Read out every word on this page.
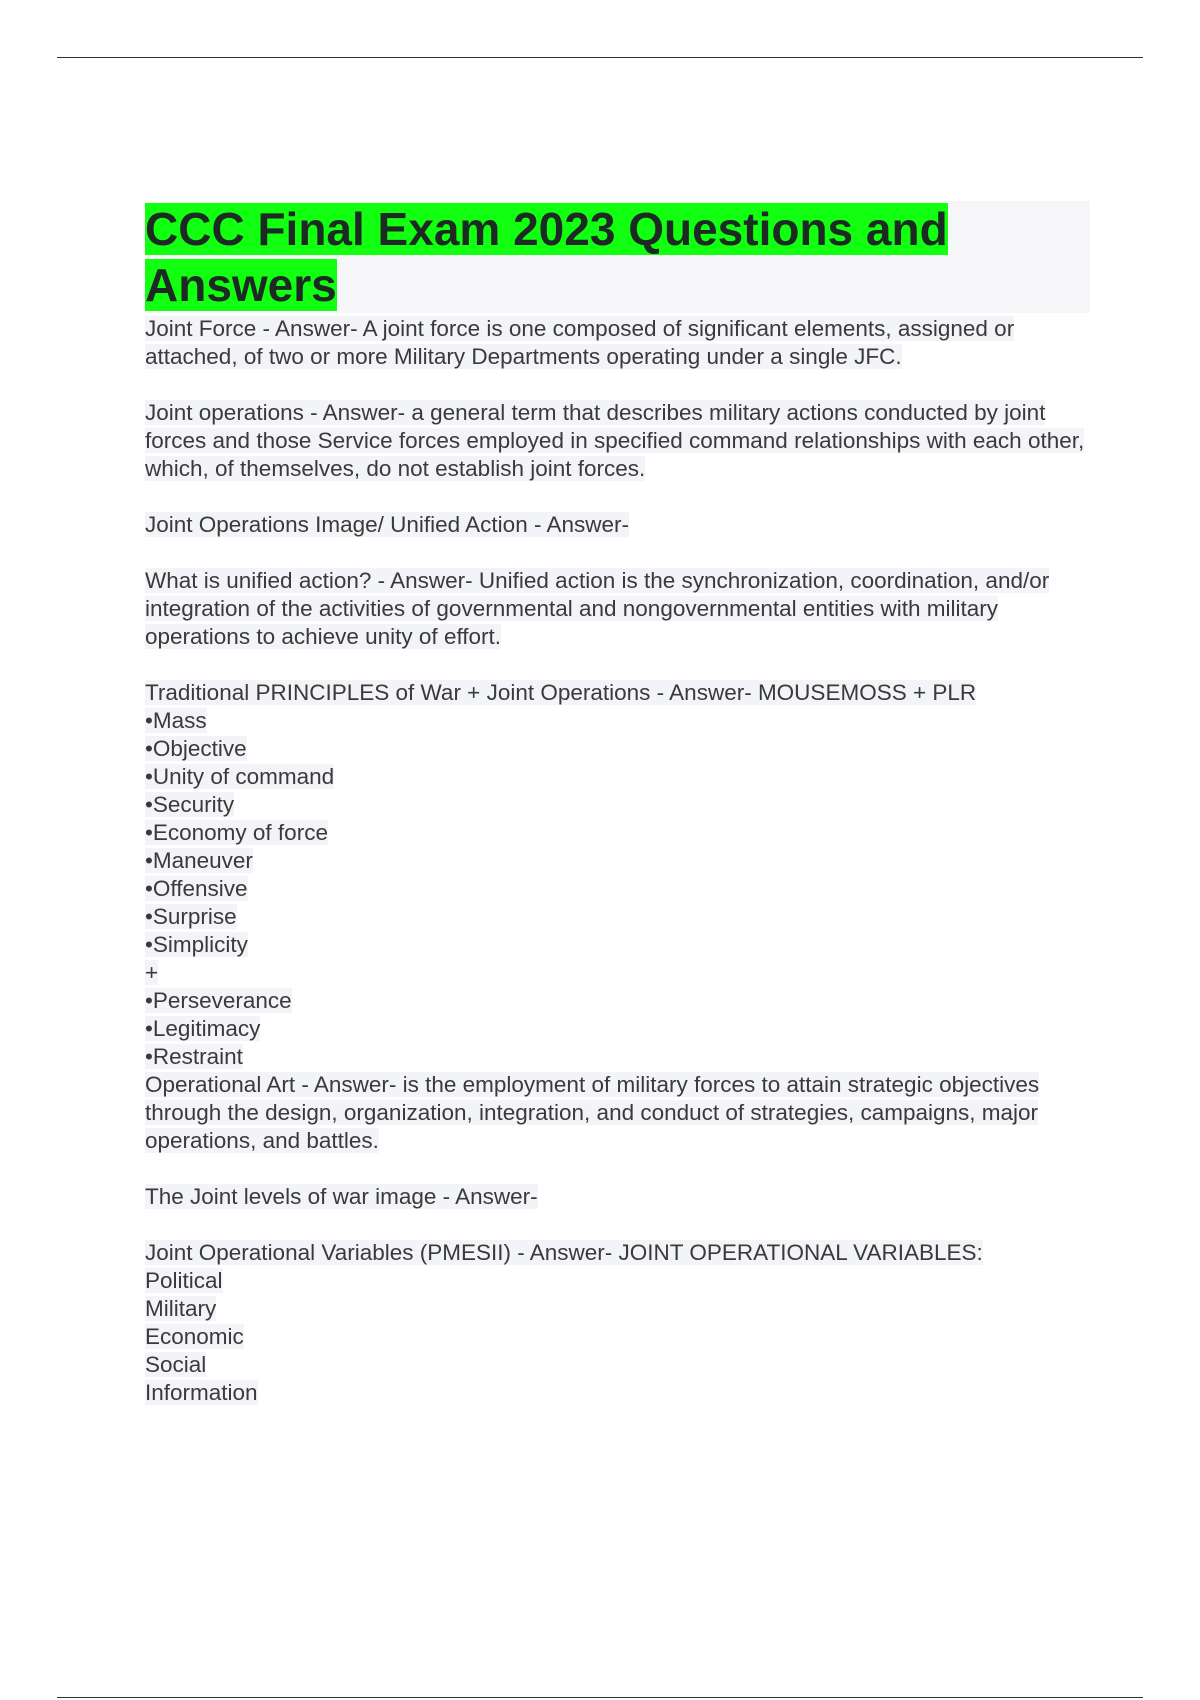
CCC Final Exam 2023 Questions and Answers

Joint Force - Answer- A joint force is one composed of significant elements, assigned or attached, of two or more Military Departments operating under a single JFC.

Joint operations - Answer- a general term that describes military actions conducted by joint forces and those Service forces employed in specified command relationships with each other, which, of themselves, do not establish joint forces.

Joint Operations Image/ Unified Action - Answer-

What is unified action? - Answer- Unified action is the synchronization, coordination, and/or integration of the activities of governmental and nongovernmental entities with military operations to achieve unity of effort.

Traditional PRINCIPLES of War + Joint Operations - Answer- MOUSEMOSS + PLR
•Mass
•Objective
•Unity of command
•Security
•Economy of force
•Maneuver
•Offensive
•Surprise
•Simplicity
+
•Perseverance
•Legitimacy
•Restraint

Operational Art - Answer- is the employment of military forces to attain strategic objectives through the design, organization, integration, and conduct of strategies, campaigns, major operations, and battles.

The Joint levels of war image - Answer-

Joint Operational Variables (PMESII) - Answer- JOINT OPERATIONAL VARIABLES:
Political
Military
Economic
Social
Information
